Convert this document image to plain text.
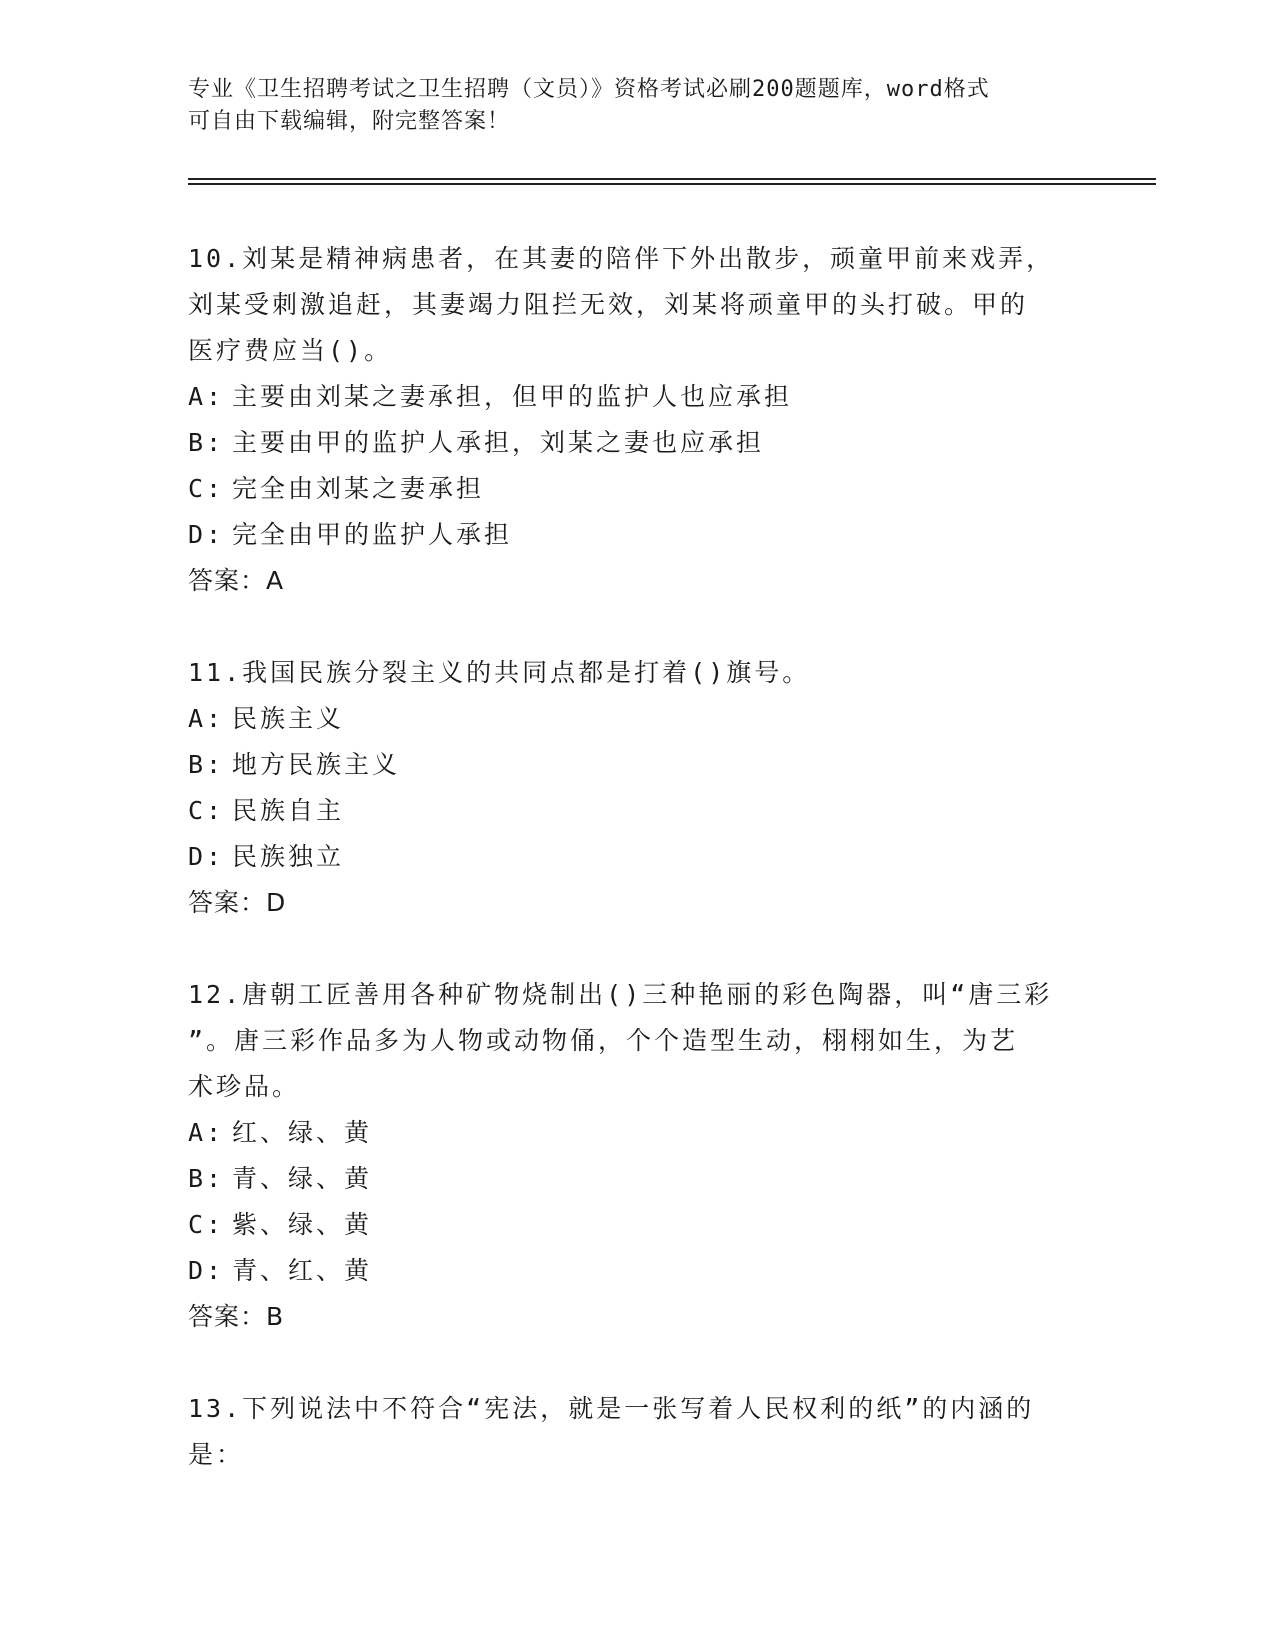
专业《卫生招聘考试之卫生招聘（文员）》资格考试必刷200题题库，word格式
可自由下载编辑，附完整答案！

10.刘某是精神病患者，在其妻的陪伴下外出散步，顽童甲前来戏弄，

刘某受刺激追赶，其妻竭力阻拦无效，刘某将顽童甲的头打破。甲的

医疗费应当()。

A: 主要由刘某之妻承担，但甲的监护人也应承担
B: 主要由甲的监护人承担，刘某之妻也应承担
C: 完全由刘某之妻承担
D: 完全由甲的监护人承担

答案：A

11.我国民族分裂主义的共同点都是打着()旗号。

A: 民族主义
B: 地方民族主义
C: 民族自主
D: 民族独立

答案：D

12.唐朝工匠善用各种矿物烧制出()三种艳丽的彩色陶器，叫“唐三彩

”。唐三彩作品多为人物或动物俑，个个造型生动，栩栩如生，为艺

术珍品。

A: 红、绿、黄
B: 青、绿、黄
C: 紫、绿、黄
D: 青、红、黄

答案：B

13.下列说法中不符合“宪法，就是一张写着人民权利的纸”的内涵的

是：
